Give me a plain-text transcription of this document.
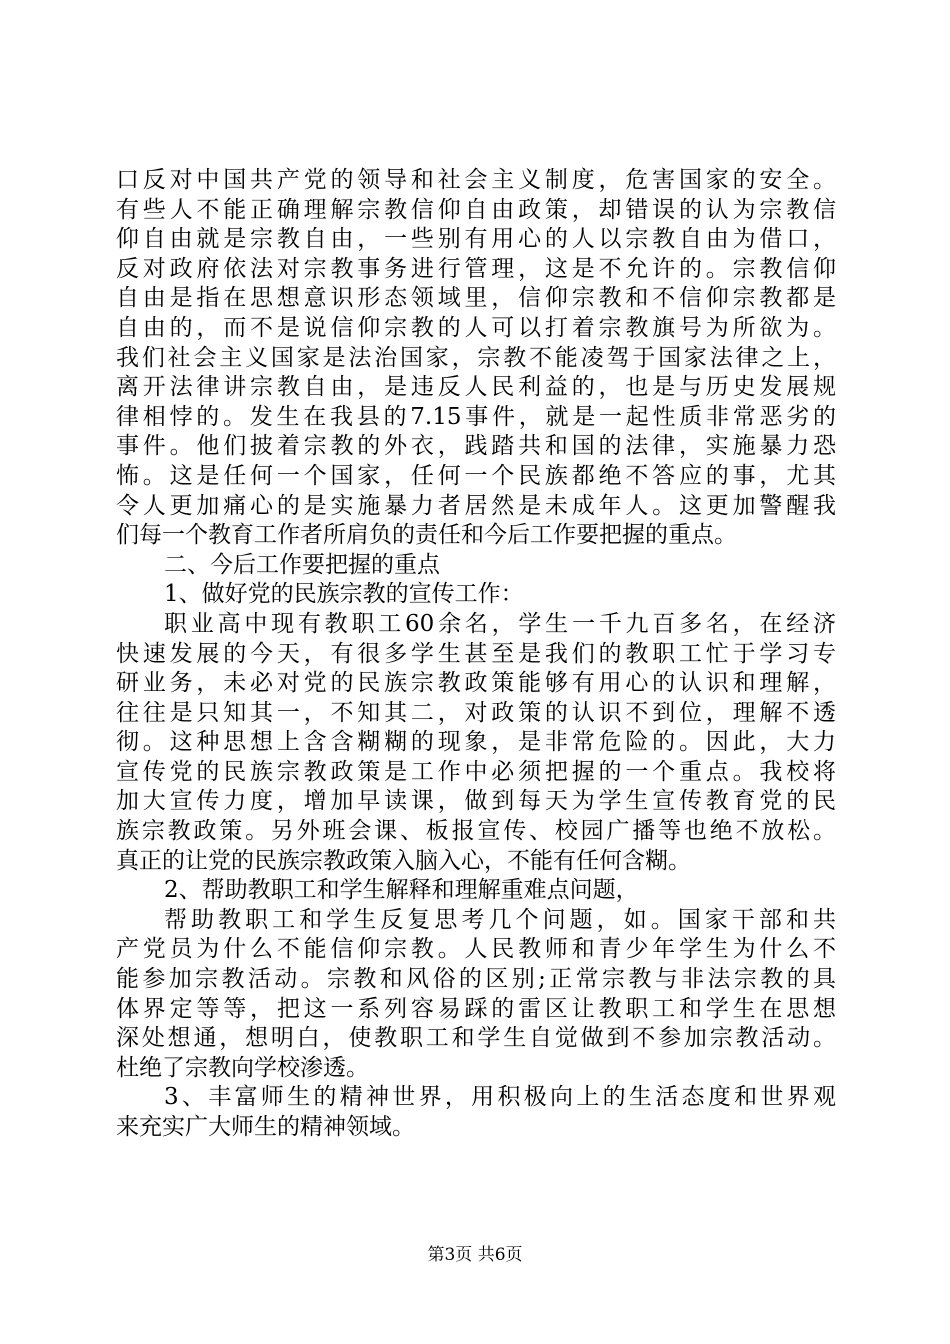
口反对中国共产党的领导和社会主义制度，危害国家的安全。
有些人不能正确理解宗教信仰自由政策，却错误的认为宗教信
仰自由就是宗教自由，一些别有用心的人以宗教自由为借口，
反对政府依法对宗教事务进行管理，这是不允许的。宗教信仰
自由是指在思想意识形态领域里，信仰宗教和不信仰宗教都是
自由的，而不是说信仰宗教的人可以打着宗教旗号为所欲为。
我们社会主义国家是法治国家，宗教不能凌驾于国家法律之上，
离开法律讲宗教自由，是违反人民利益的，也是与历史发展规
律相悖的。发生在我县的7.15事件，就是一起性质非常恶劣的
事件。他们披着宗教的外衣，践踏共和国的法律，实施暴力恐
怖。这是任何一个国家，任何一个民族都绝不答应的事，尤其
令人更加痛心的是实施暴力者居然是未成年人。这更加警醒我
们每一个教育工作者所肩负的责任和今后工作要把握的重点。
二、今后工作要把握的重点
1、做好党的民族宗教的宣传工作：
职业高中现有教职工60余名，学生一千九百多名，在经济
快速发展的今天，有很多学生甚至是我们的教职工忙于学习专
研业务，未必对党的民族宗教政策能够有用心的认识和理解，
往往是只知其一，不知其二，对政策的认识不到位，理解不透
彻。这种思想上含含糊糊的现象，是非常危险的。因此，大力
宣传党的民族宗教政策是工作中必须把握的一个重点。我校将
加大宣传力度，增加早读课，做到每天为学生宣传教育党的民
族宗教政策。另外班会课、板报宣传、校园广播等也绝不放松。
真正的让党的民族宗教政策入脑入心，不能有任何含糊。
2、帮助教职工和学生解释和理解重难点问题，
帮助教职工和学生反复思考几个问题，如。国家干部和共
产党员为什么不能信仰宗教。人民教师和青少年学生为什么不
能参加宗教活动。宗教和风俗的区别;正常宗教与非法宗教的具
体界定等等，把这一系列容易踩的雷区让教职工和学生在思想
深处想通，想明白，使教职工和学生自觉做到不参加宗教活动。
杜绝了宗教向学校渗透。
3、丰富师生的精神世界，用积极向上的生活态度和世界观
来充实广大师生的精神领域。
第3页 共6页
